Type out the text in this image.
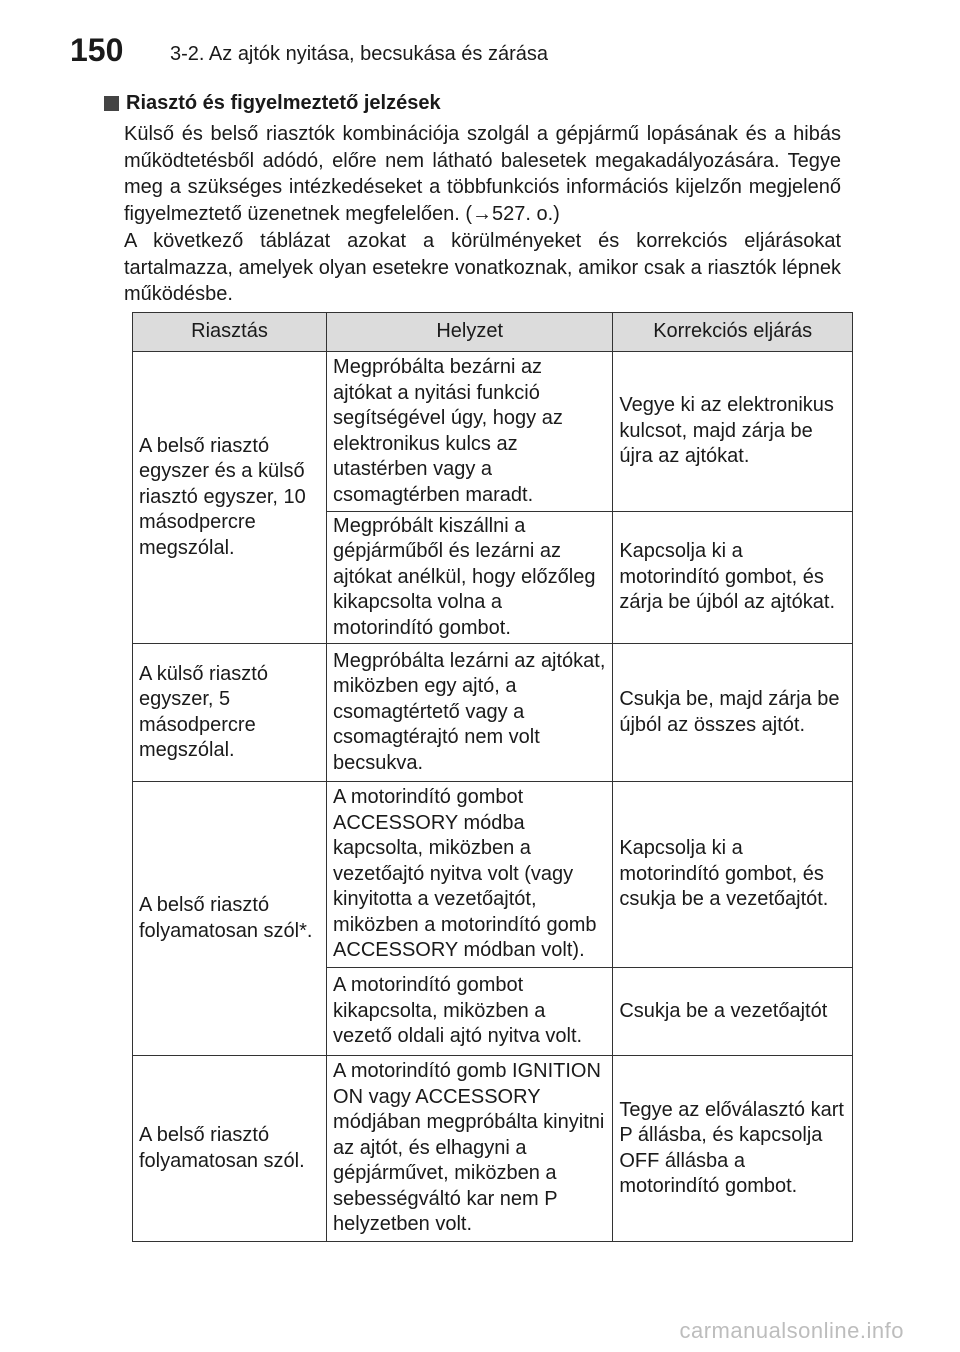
150 3-2. Az ajtók nyitása, becsukása és zárása
Riasztó és figyelmeztető jelzések

Külső és belső riasztók kombinációja szolgál a gépjármű lopásának és a hibás működtetésből adódó, előre nem látható balesetek megakadályozására. Tegye meg a szükséges intézkedéseket a többfunkciós információs kijelzőn megjelenő figyelmeztető üzenetnek megfelelően. (→527. o.)

A következő táblázat azokat a körülményeket és korrekciós eljárásokat tartalmazza, amelyek olyan esetekre vonatkoznak, amikor csak a riasztók lépnek működésbe.

Riasztás	Helyzet	Korrekciós eljárás
A belső riasztó egyszer és a külső riasztó egyszer, 10 másodpercre megszólal.	Megpróbálta bezárni az ajtókat a nyitási funkció segítségével úgy, hogy az elektronikus kulcs az utastérben vagy a csomagtérben maradt.	Vegye ki az elektronikus kulcsot, majd zárja be újra az ajtókat.
	Megpróbált kiszállni a gépjárműből és lezárni az ajtókat anélkül, hogy előzőleg kikapcsolta volna a motorindító gombot.	Kapcsolja ki a motorindító gombot, és zárja be újból az ajtókat.
A külső riasztó egyszer, 5 másodpercre megszólal.	Megpróbálta lezárni az ajtókat, miközben egy ajtó, a csomagtértető vagy a csomagtérajtó nem volt becsukva.	Csukja be, majd zárja be újból az összes ajtót.
A belső riasztó folyamatosan szól*.	A motorindító gombot ACCESSORY módba kapcsolta, miközben a vezetőajtó nyitva volt (vagy kinyitotta a vezetőajtót, miközben a motorindító gomb ACCESSORY módban volt).	Kapcsolja ki a motorindító gombot, és csukja be a vezetőajtót.
	A motorindító gombot kikapcsolta, miközben a vezető oldali ajtó nyitva volt.	Csukja be a vezetőajtót
A belső riasztó folyamatosan szól.	A motorindító gomb IGNITION ON vagy ACCESSORY módjában megpróbálta kinyitni az ajtót, és elhagyni a gépjárművet, miközben a sebességváltó kar nem P helyzetben volt.	Tegye az előválasztó kart P állásba, és kapcsolja OFF állásba a motorindító gombot.
carmanualsonline.info
